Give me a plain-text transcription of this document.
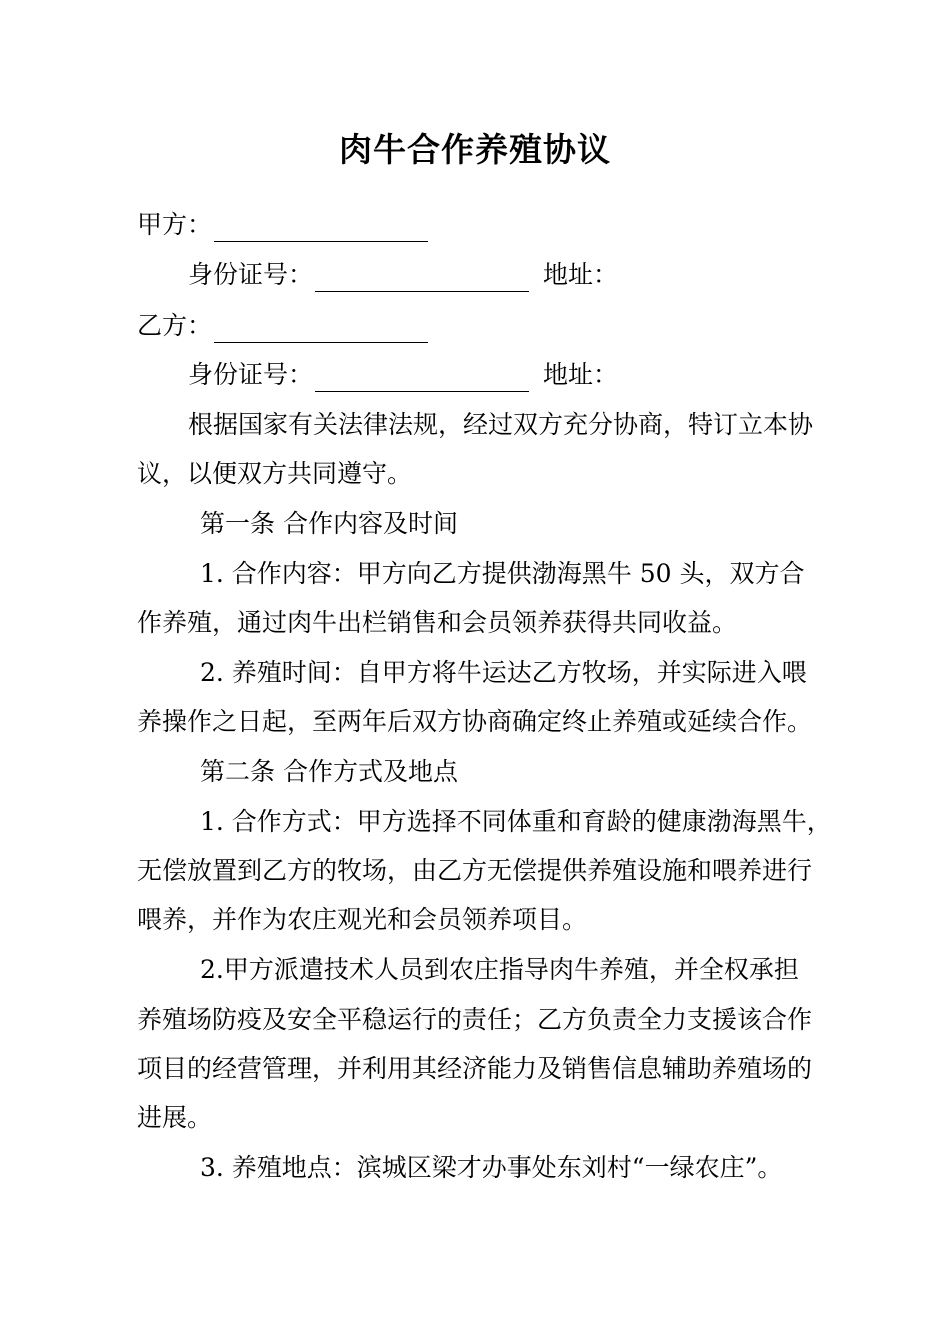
肉牛合作养殖协议
甲方：
身份证号：	地址：
乙方：
身份证号：	地址：
根据国家有关法律法规，经过双方充分协商，特订立本协
议，以便双方共同遵守。
第一条 合作内容及时间
1. 合作内容：甲方向乙方提供渤海黑牛 50 头，双方合
作养殖，通过肉牛出栏销售和会员领养获得共同收益。
2. 养殖时间：自甲方将牛运达乙方牧场，并实际进入喂
养操作之日起，至两年后双方协商确定终止养殖或延续合作。
第二条 合作方式及地点
1. 合作方式：甲方选择不同体重和育龄的健康渤海黑牛，
无偿放置到乙方的牧场，由乙方无偿提供养殖设施和喂养进行
喂养，并作为农庄观光和会员领养项目。
2.甲方派遣技术人员到农庄指导肉牛养殖，并全权承担
养殖场防疫及安全平稳运行的责任；乙方负责全力支援该合作
项目的经营管理，并利用其经济能力及销售信息辅助养殖场的
进展。
3. 养殖地点：滨城区梁才办事处东刘村“一绿农庄”。
